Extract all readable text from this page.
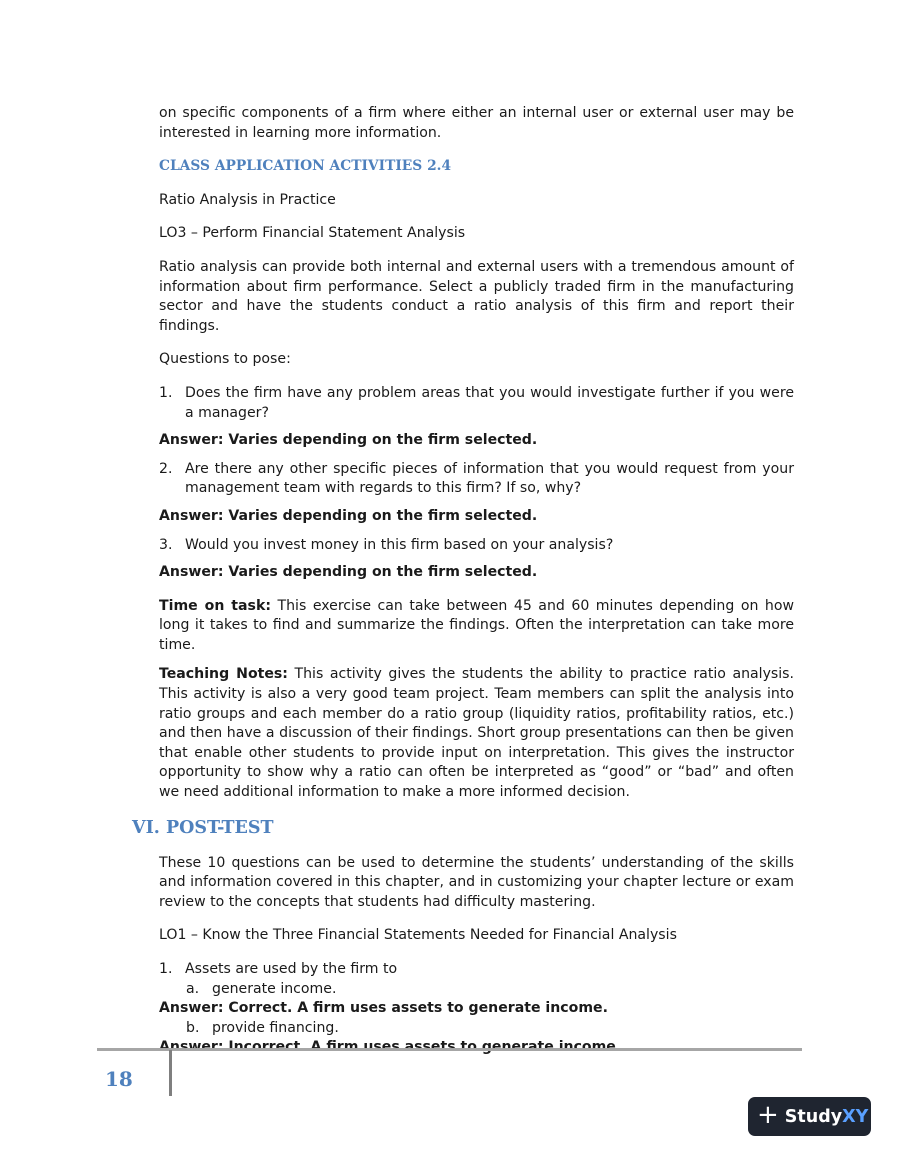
on specific components of a firm where either an internal user or external user may be interested in learning more information.

CLASS APPLICATION ACTIVITIES 2.4

Ratio Analysis in Practice

LO3 – Perform Financial Statement Analysis

Ratio analysis can provide both internal and external users with a tremendous amount of information about firm performance. Select a publicly traded firm in the manufacturing sector and have the students conduct a ratio analysis of this firm and report their findings.

Questions to pose:

1. Does the firm have any problem areas that you would investigate further if you were a manager?
Answer: Varies depending on the firm selected.
2. Are there any other specific pieces of information that you would request from your management team with regards to this firm? If so, why?
Answer: Varies depending on the firm selected.
3. Would you invest money in this firm based on your analysis?
Answer: Varies depending on the firm selected.

Time on task: This exercise can take between 45 and 60 minutes depending on how long it takes to find and summarize the findings. Often the interpretation can take more time.

Teaching Notes: This activity gives the students the ability to practice ratio analysis. This activity is also a very good team project. Team members can split the analysis into ratio groups and each member do a ratio group (liquidity ratios, profitability ratios, etc.) and then have a discussion of their findings. Short group presentations can then be given that enable other students to provide input on interpretation. This gives the instructor opportunity to show why a ratio can often be interpreted as “good” or “bad” and often we need additional information to make a more informed decision.

VI. POST-TEST

These 10 questions can be used to determine the students’ understanding of the skills and information covered in this chapter, and in customizing your chapter lecture or exam review to the concepts that students had difficulty mastering.

LO1 – Know the Three Financial Statements Needed for Financial Analysis

1. Assets are used by the firm to
a. generate income.
Answer: Correct. A firm uses assets to generate income.
b. provide financing.
18
+ Study XY
